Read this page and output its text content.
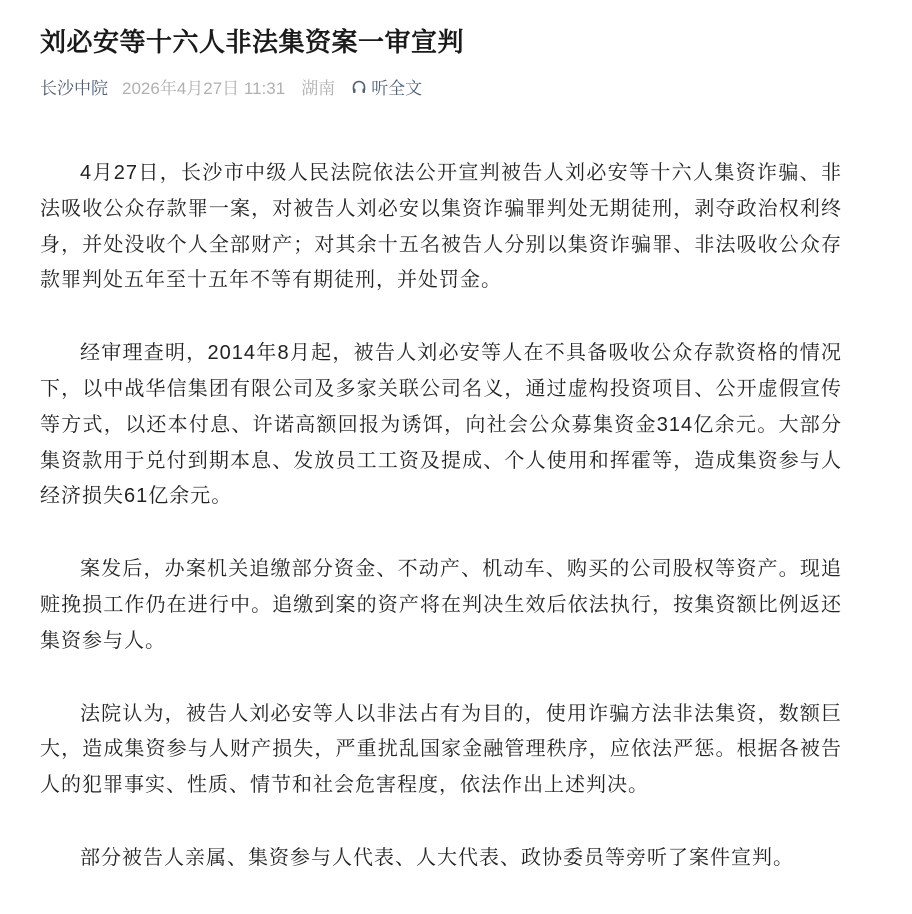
刘必安等十六人非法集资案一审宣判
长沙中院 2026年4月27日 11:31 湖南 听全文

4月27日，长沙市中级人民法院依法公开宣判被告人刘必安等十六人集资诈骗、非法吸收公众存款罪一案，对被告人刘必安以集资诈骗罪判处无期徒刑，剥夺政治权利终身，并处没收个人全部财产；对其余十五名被告人分别以集资诈骗罪、非法吸收公众存款罪判处五年至十五年不等有期徒刑，并处罚金。

经审理查明，2014年8月起，被告人刘必安等人在不具备吸收公众存款资格的情况下，以中战华信集团有限公司及多家关联公司名义，通过虚构投资项目、公开虚假宣传等方式，以还本付息、许诺高额回报为诱饵，向社会公众募集资金314亿余元。大部分集资款用于兑付到期本息、发放员工工资及提成、个人使用和挥霍等，造成集资参与人经济损失61亿余元。

案发后，办案机关追缴部分资金、不动产、机动车、购买的公司股权等资产。现追赃挽损工作仍在进行中。追缴到案的资产将在判决生效后依法执行，按集资额比例返还集资参与人。

法院认为，被告人刘必安等人以非法占有为目的，使用诈骗方法非法集资，数额巨大，造成集资参与人财产损失，严重扰乱国家金融管理秩序，应依法严惩。根据各被告人的犯罪事实、性质、情节和社会危害程度，依法作出上述判决。

部分被告人亲属、集资参与人代表、人大代表、政协委员等旁听了案件宣判。
